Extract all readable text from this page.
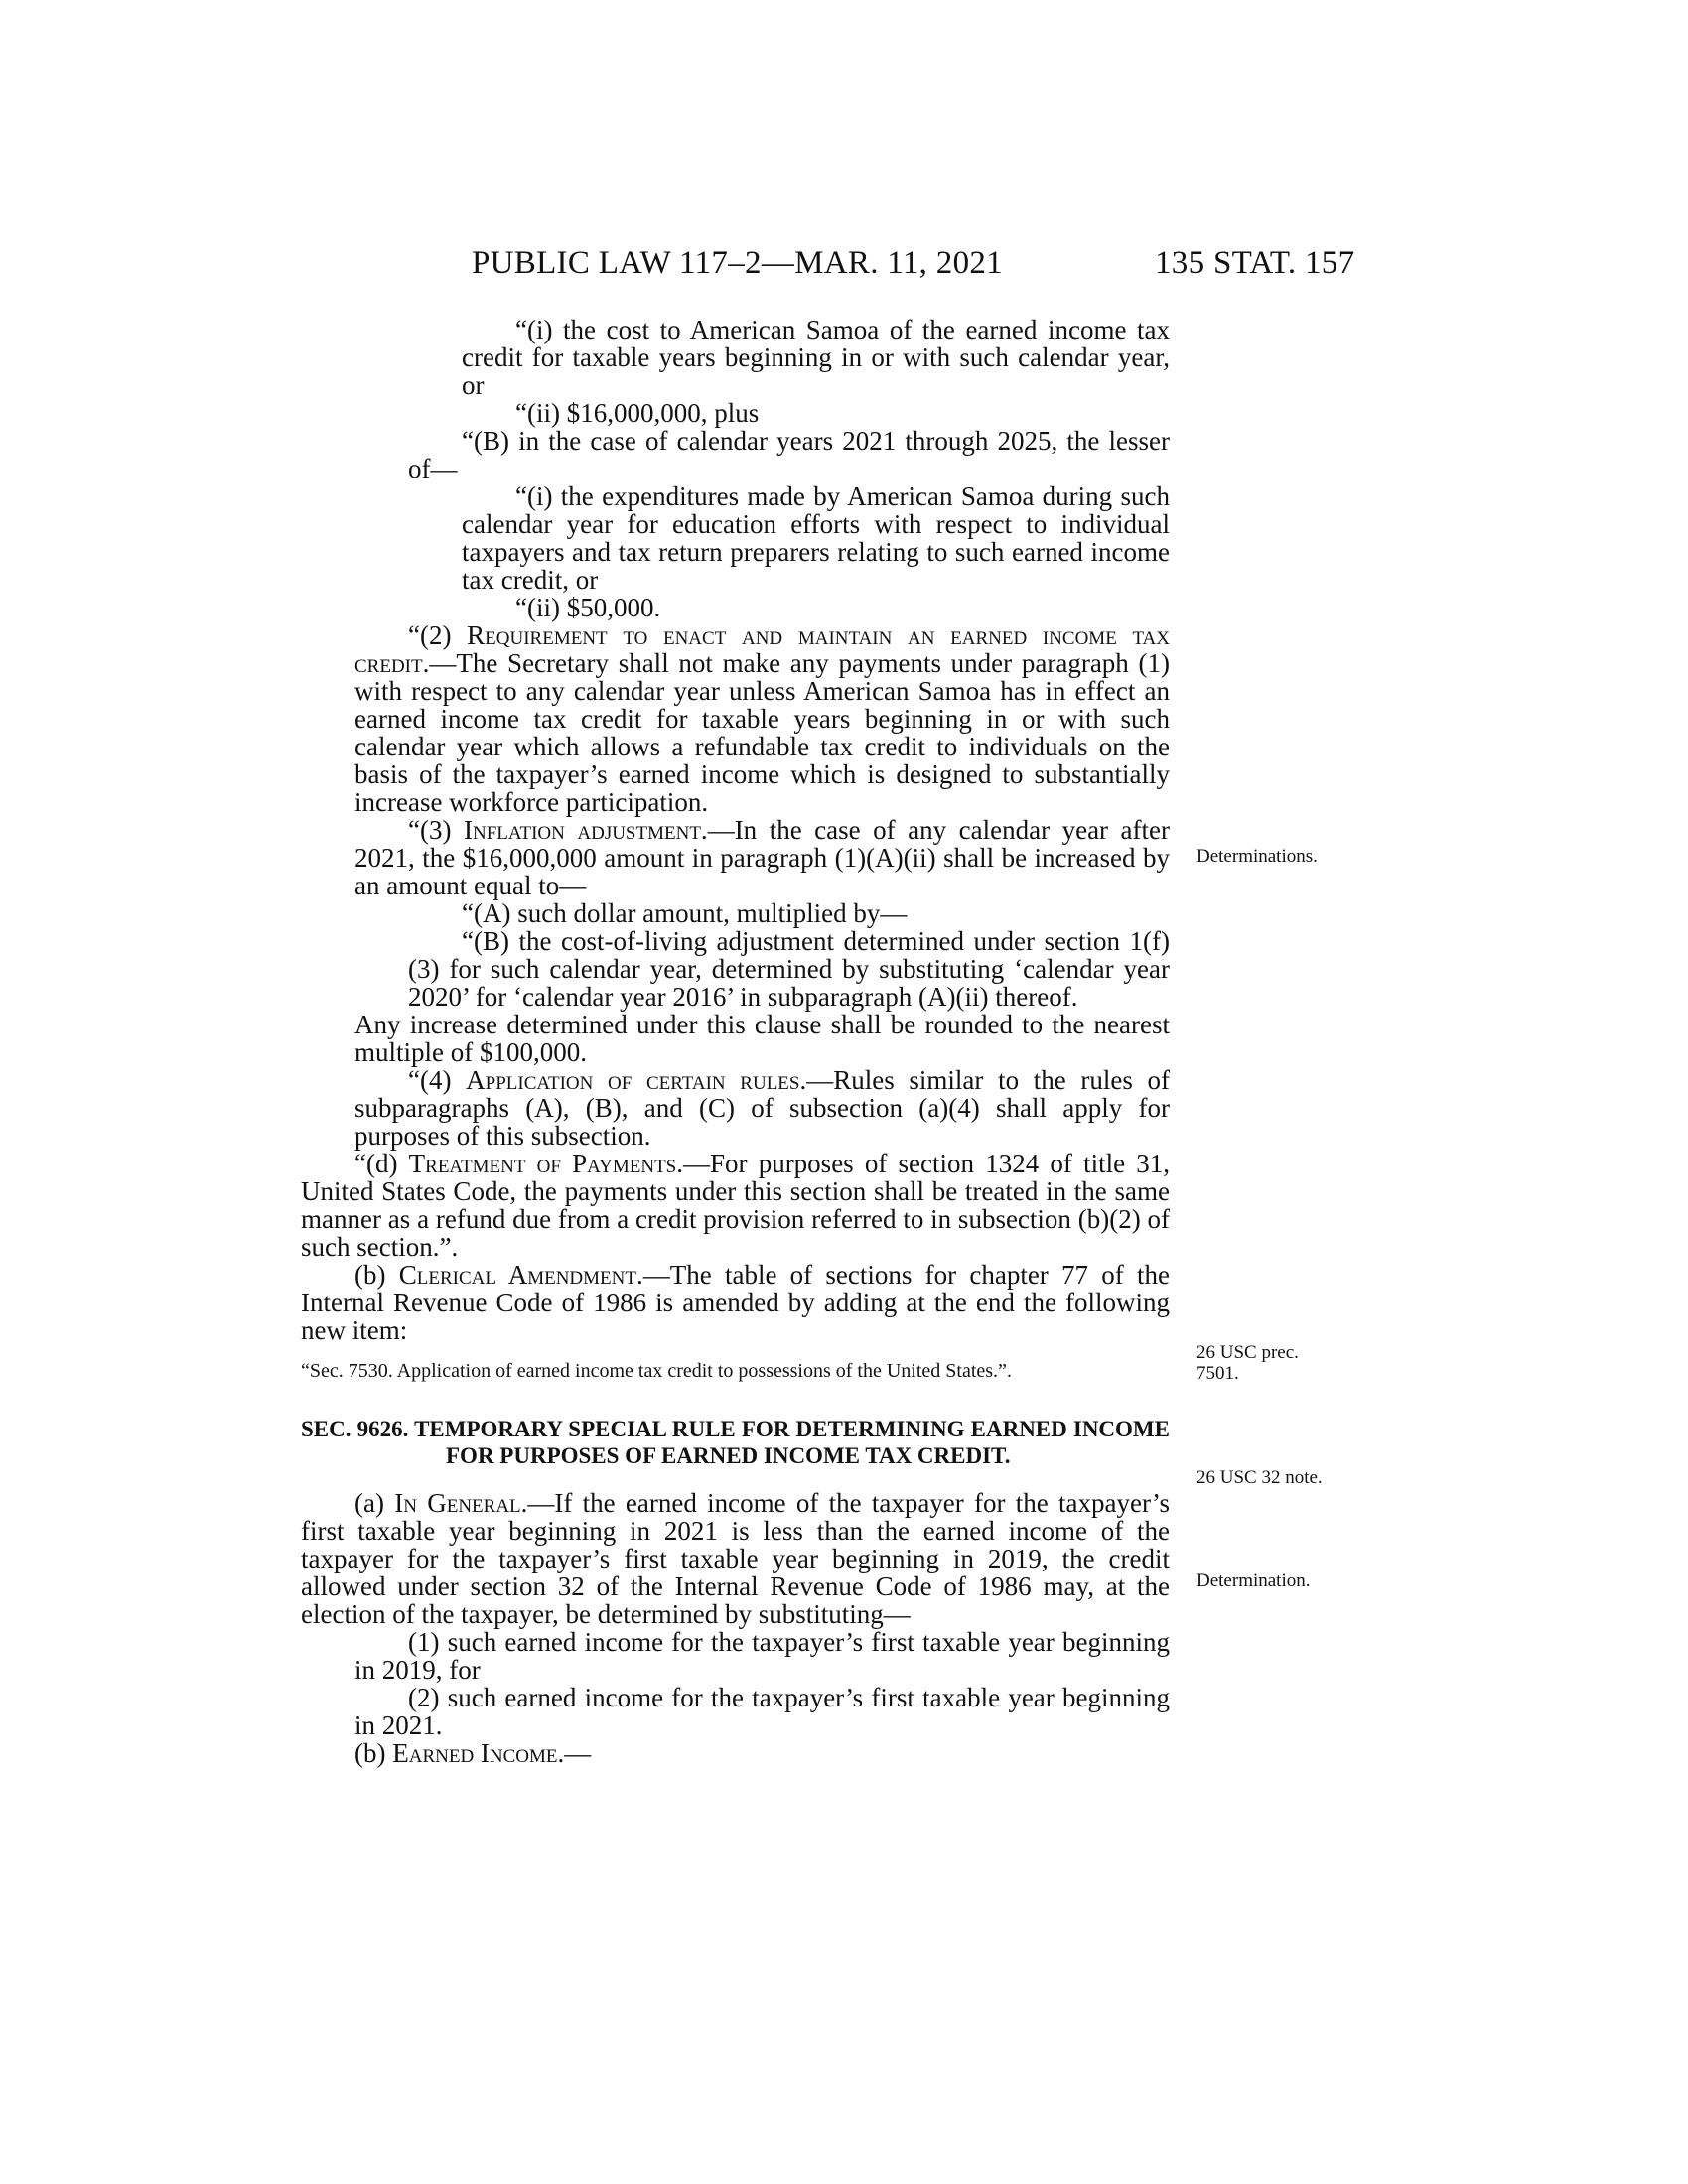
PUBLIC LAW 117–2—MAR. 11, 2021	135 STAT. 157

“(i) the cost to American Samoa of the earned income tax credit for taxable years beginning in or with such calendar year, or

“(ii) $16,000,000, plus

“(B) in the case of calendar years 2021 through 2025, the lesser of—

“(i) the expenditures made by American Samoa during such calendar year for education efforts with respect to individual taxpayers and tax return preparers relating to such earned income tax credit, or

“(ii) $50,000.

“(2) Requirement to enact and maintain an earned income tax credit.—The Secretary shall not make any payments under paragraph (1) with respect to any calendar year unless American Samoa has in effect an earned income tax credit for taxable years beginning in or with such calendar year which allows a refundable tax credit to individuals on the basis of the taxpayer’s earned income which is designed to substantially increase workforce participation.

“(3) Inflation adjustment.—In the case of any calendar year after 2021, the $16,000,000 amount in paragraph (1)(A)(ii) shall be increased by an amount equal to—

“(A) such dollar amount, multiplied by—

“(B) the cost-of-living adjustment determined under section 1(f)(3) for such calendar year, determined by substituting ‘calendar year 2020’ for ‘calendar year 2016’ in subparagraph (A)(ii) thereof.

Any increase determined under this clause shall be rounded to the nearest multiple of $100,000.

“(4) Application of certain rules.—Rules similar to the rules of subparagraphs (A), (B), and (C) of subsection (a)(4) shall apply for purposes of this subsection.

“(d) Treatment of Payments.—For purposes of section 1324 of title 31, United States Code, the payments under this section shall be treated in the same manner as a refund due from a credit provision referred to in subsection (b)(2) of such section.”.

(b) Clerical Amendment.—The table of sections for chapter 77 of the Internal Revenue Code of 1986 is amended by adding at the end the following new item:

“Sec. 7530. Application of earned income tax credit to possessions of the United States.”.

SEC. 9626. TEMPORARY SPECIAL RULE FOR DETERMINING EARNED INCOME FOR PURPOSES OF EARNED INCOME TAX CREDIT.

(a) In General.—If the earned income of the taxpayer for the taxpayer’s first taxable year beginning in 2021 is less than the earned income of the taxpayer for the taxpayer’s first taxable year beginning in 2019, the credit allowed under section 32 of the Internal Revenue Code of 1986 may, at the election of the taxpayer, be determined by substituting—

(1) such earned income for the taxpayer’s first taxable year beginning in 2019, for

(2) such earned income for the taxpayer’s first taxable year beginning in 2021.

(b) Earned Income.—

Determinations.
26 USC prec. 7501.
26 USC 32 note.
Determination.
